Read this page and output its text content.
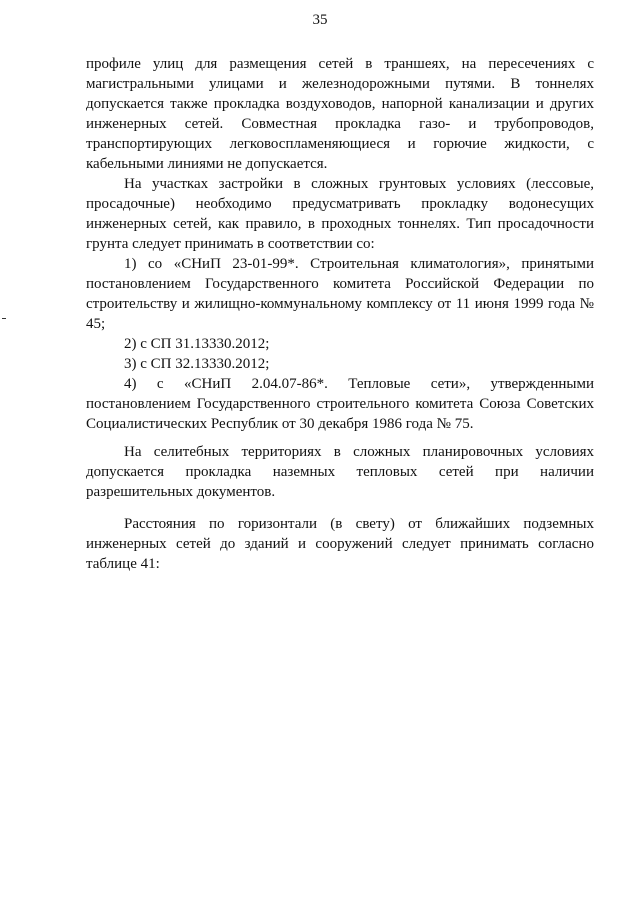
35

профиле улиц для размещения сетей в траншеях, на пересечениях с магистральными улицами и железнодорожными путями. В тоннелях допускается также прокладка воздуховодов, напорной канализации и других инженерных сетей. Совместная прокладка газо- и трубопроводов, транспортирующих легковоспламеняющиеся и горючие жидкости, с кабельными линиями не допускается.

На участках застройки в сложных грунтовых условиях (лессовые, просадочные) необходимо предусматривать прокладку водонесущих инженерных сетей, как правило, в проходных тоннелях. Тип просадочности грунта следует принимать в соответствии со:

1) со «СНиП 23-01-99*. Строительная климатология», принятыми постановлением Государственного комитета Российской Федерации по строительству и жилищно-коммунальному комплексу от 11 июня 1999 года № 45;

2) с СП 31.13330.2012;

3) с СП 32.13330.2012;

4) с «СНиП 2.04.07-86*. Тепловые сети», утвержденными постановлением Государственного строительного комитета Союза Советских Социалистических Республик от 30 декабря 1986 года № 75.

На селитебных территориях в сложных планировочных условиях допускается прокладка наземных тепловых сетей при наличии разрешительных документов.

Расстояния по горизонтали (в свету) от ближайших подземных инженерных сетей до зданий и сооружений следует принимать согласно таблице 41:
